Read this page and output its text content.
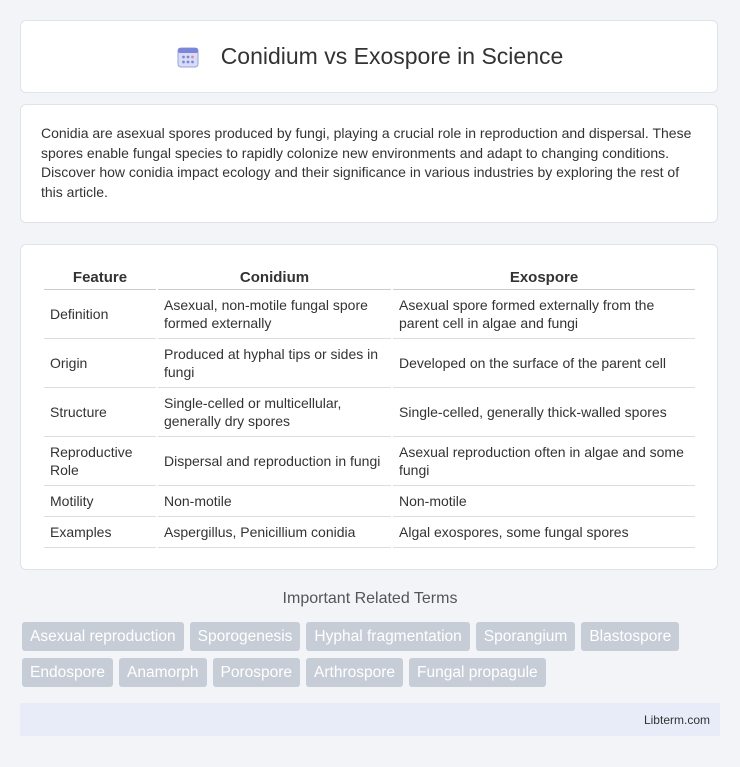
Conidium vs Exospore in Science

Conidia are asexual spores produced by fungi, playing a crucial role in reproduction and dispersal. These spores enable fungal species to rapidly colonize new environments and adapt to changing conditions. Discover how conidia impact ecology and their significance in various industries by exploring the rest of this article.

Feature	Conidium	Exospore
Definition	Asexual, non-motile fungal spore formed externally	Asexual spore formed externally from the parent cell in algae and fungi
Origin	Produced at hyphal tips or sides in fungi	Developed on the surface of the parent cell
Structure	Single-celled or multicellular, generally dry spores	Single-celled, generally thick-walled spores
Reproductive Role	Dispersal and reproduction in fungi	Asexual reproduction often in algae and some fungi
Motility	Non-motile	Non-motile
Examples	Aspergillus, Penicillium conidia	Algal exospores, some fungal spores
Important Related Terms
Asexual reproduction	Sporogenesis	Hyphal fragmentation	Sporangium	Blastospore
Endospore	Anamorph	Porospore	Arthrospore	Fungal propagule
Libterm.com
